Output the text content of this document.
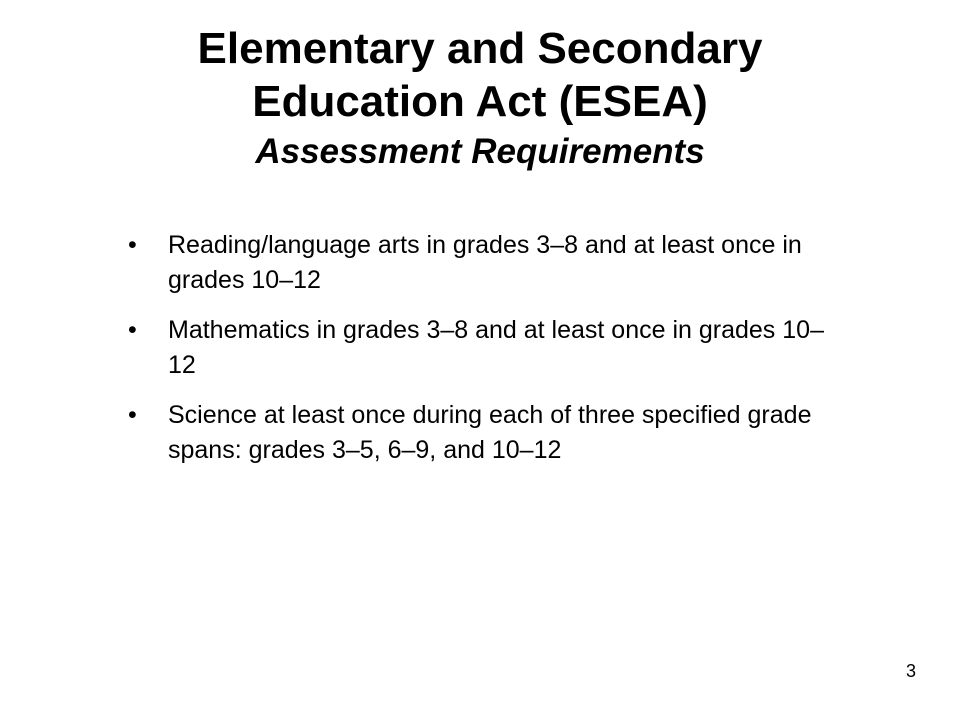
Elementary and Secondary

Education Act (ESEA)

Assessment Requirements

•	Reading/language arts in grades 3–8 and at least once in grades 10–12
•	Mathematics in grades 3–8 and at least once in grades 10–12
•	Science at least once during each of three specified grade spans: grades 3–5, 6–9, and 10–12
3
